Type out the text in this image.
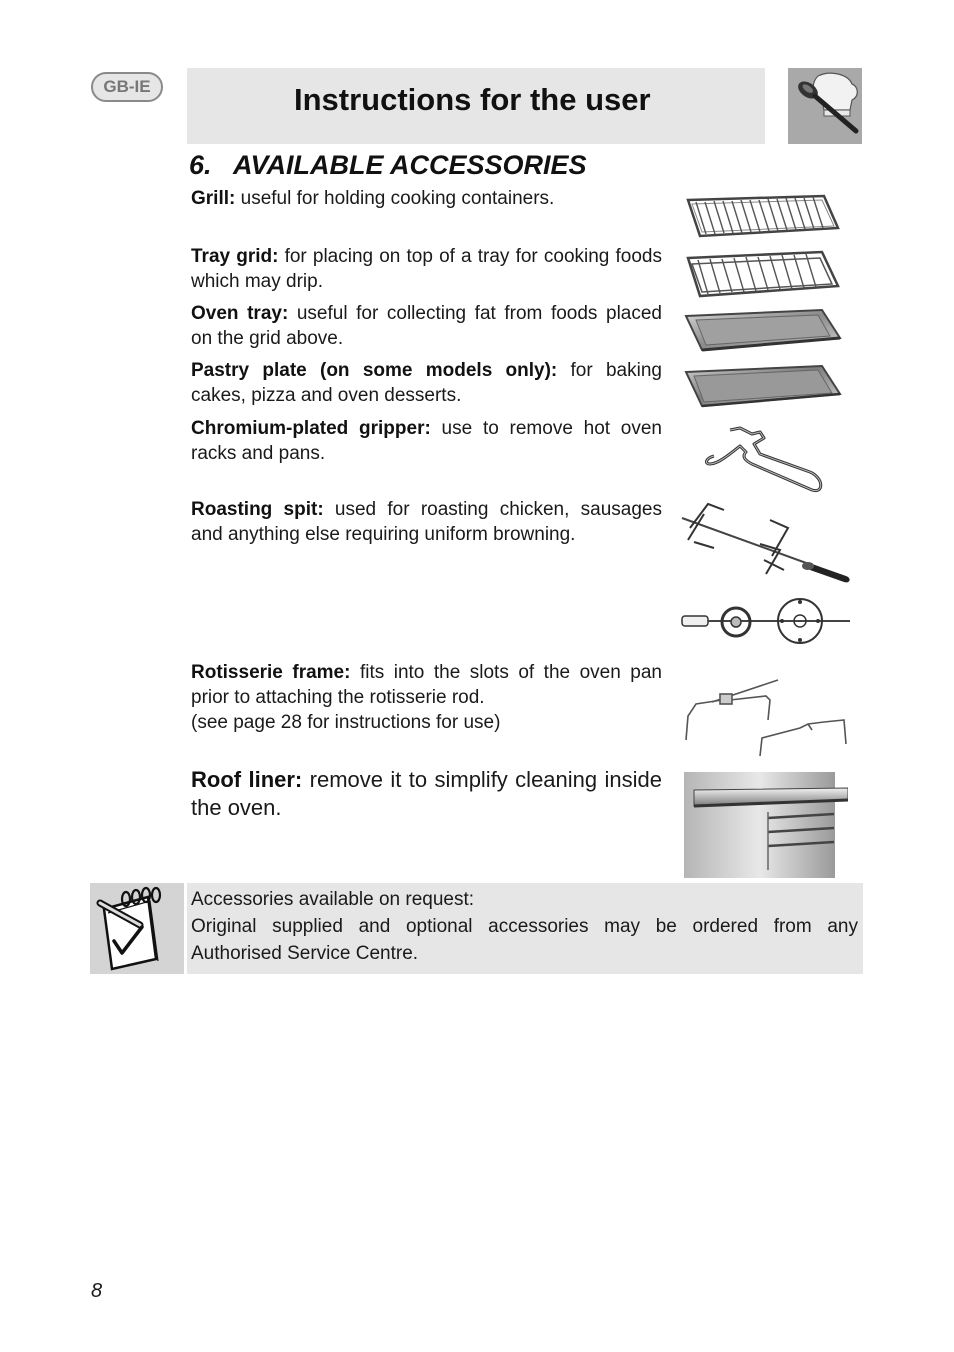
GB-IE	Instructions for the user
6. AVAILABLE ACCESSORIES
Grill: useful for holding cooking containers.
Tray grid: for placing on top of a tray for cooking foods which may drip.
Oven tray: useful for collecting fat from foods placed on the grid above.
Pastry plate (on some models only): for baking cakes, pizza and oven desserts.
Chromium-plated gripper: use to remove hot oven racks and pans.
Roasting spit: used for roasting chicken, sausages and anything else requiring uniform browning.
Rotisserie frame: fits into the slots of the oven pan prior to attaching the rotisserie rod.
(see page 28 for instructions for use)
Roof liner: remove it to simplify cleaning inside the oven.
Accessories available on request:
Original supplied and optional accessories may be ordered from any Authorised Service Centre.
8
